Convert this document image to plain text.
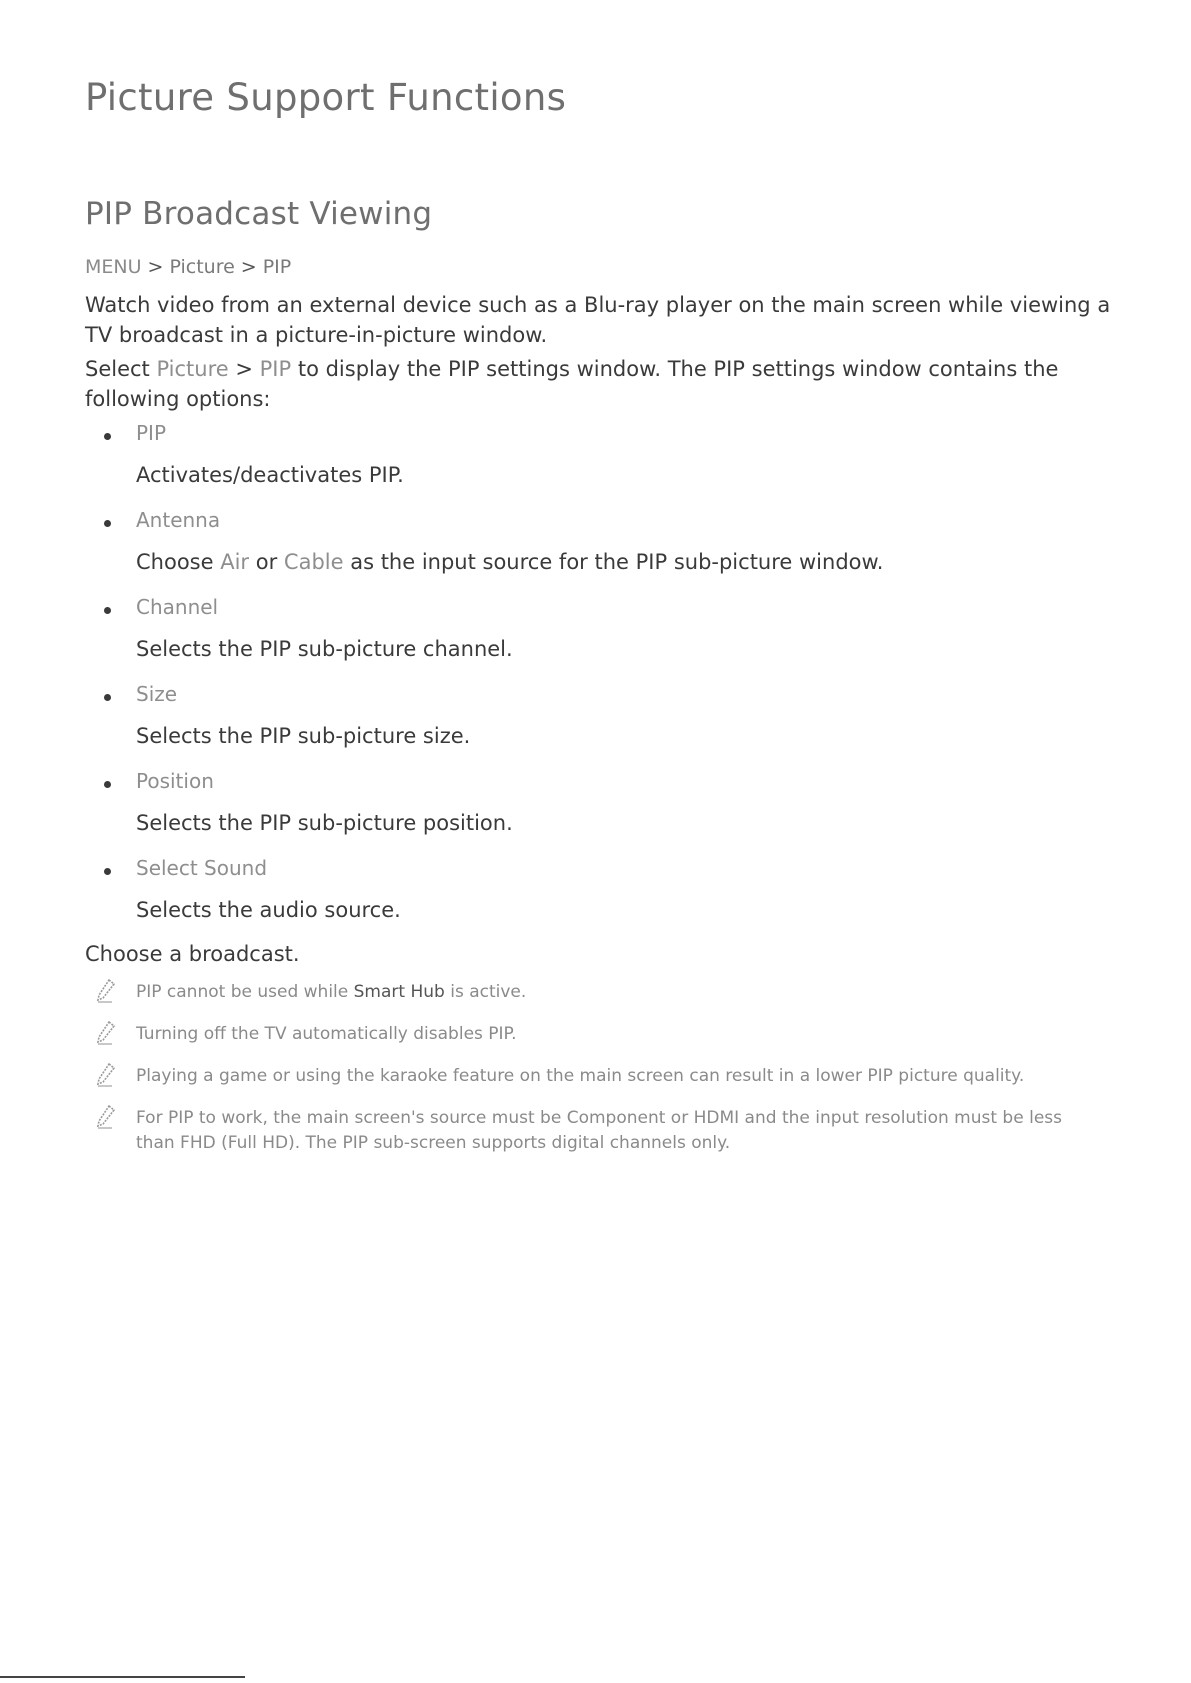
Picture Support Functions
PIP Broadcast Viewing
MENU > Picture > PIP
Watch video from an external device such as a Blu-ray player on the main screen while viewing a TV broadcast in a picture-in-picture window.
Select Picture > PIP to display the PIP settings window. The PIP settings window contains the following options:
PIP
Activates/deactivates PIP.
Antenna
Choose Air or Cable as the input source for the PIP sub-picture window.
Channel
Selects the PIP sub-picture channel.
Size
Selects the PIP sub-picture size.
Position
Selects the PIP sub-picture position.
Select Sound
Selects the audio source.
Choose a broadcast.
PIP cannot be used while Smart Hub is active.
Turning off the TV automatically disables PIP.
Playing a game or using the karaoke feature on the main screen can result in a lower PIP picture quality.
For PIP to work, the main screen's source must be Component or HDMI and the input resolution must be less than FHD (Full HD). The PIP sub-screen supports digital channels only.
